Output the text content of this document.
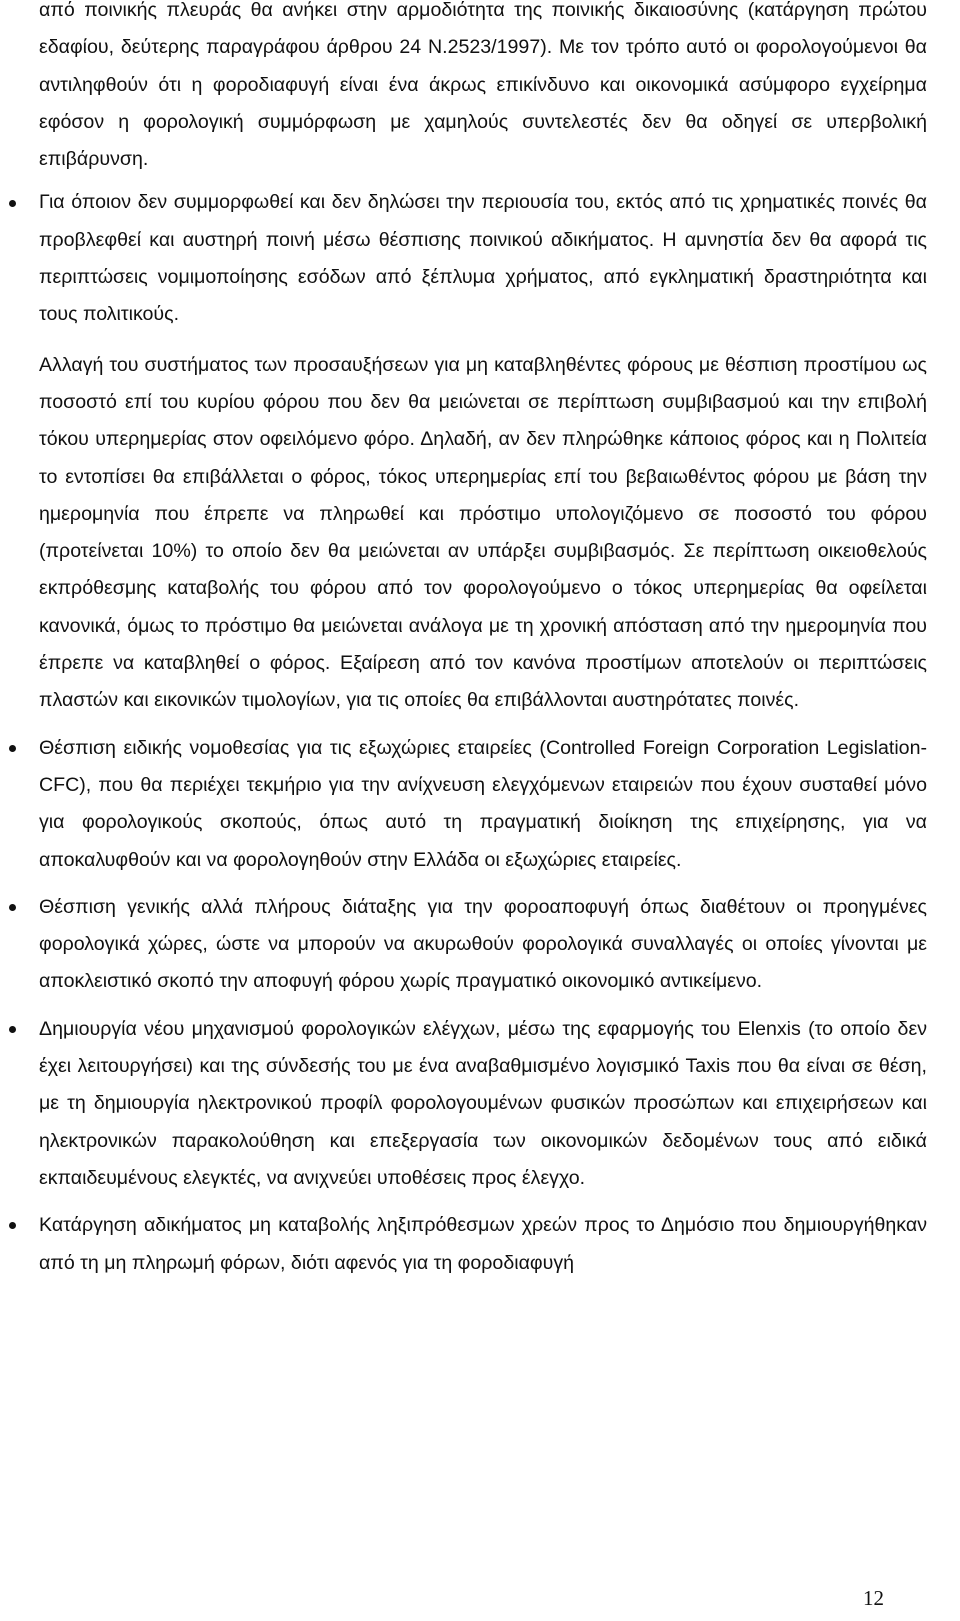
από ποινικής πλευράς θα ανήκει στην αρμοδιότητα της ποινικής δικαιοσύνης (κατάργηση πρώτου εδαφίου, δεύτερης παραγράφου άρθρου 24 Ν.2523/1997). Με τον τρόπο αυτό οι φορολογούμενοι θα αντιληφθούν ότι η φοροδιαφυγή είναι ένα άκρως επικίνδυνο και οικονομικά ασύμφορο εγχείρημα εφόσον η φορολογική συμμόρφωση με χαμηλούς συντελεστές δεν θα οδηγεί σε υπερβολική επιβάρυνση.

Για όποιον δεν συμμορφωθεί και δεν δηλώσει την περιουσία του, εκτός από τις χρηματικές ποινές θα προβλεφθεί και αυστηρή ποινή μέσω θέσπισης ποινικού αδικήματος. Η αμνηστία δεν θα αφορά τις περιπτώσεις νομιμοποίησης εσόδων από ξέπλυμα χρήματος, από εγκληματική δραστηριότητα και τους πολιτικούς.

Αλλαγή του συστήματος των προσαυξήσεων για μη καταβληθέντες φόρους με θέσπιση προστίμου ως ποσοστό επί του κυρίου φόρου που δεν θα μειώνεται σε περίπτωση συμβιβασμού και την επιβολή τόκου υπερημερίας στον οφειλόμενο φόρο. Δηλαδή, αν δεν πληρώθηκε κάποιος φόρος και η Πολιτεία το εντοπίσει θα επιβάλλεται ο φόρος, τόκος υπερημερίας επί του βεβαιωθέντος φόρου με βάση την ημερομηνία που έπρεπε να πληρωθεί και πρόστιμο υπολογιζόμενο σε ποσοστό του φόρου (προτείνεται 10%) το οποίο δεν θα μειώνεται αν υπάρξει συμβιβασμός. Σε περίπτωση οικειοθελούς εκπρόθεσμης καταβολής του φόρου από τον φορολογούμενο ο τόκος υπερημερίας θα οφείλεται κανονικά, όμως το πρόστιμο θα μειώνεται ανάλογα με τη χρονική απόσταση από την ημερομηνία που έπρεπε να καταβληθεί ο φόρος. Εξαίρεση από τον κανόνα προστίμων αποτελούν οι περιπτώσεις πλαστών και εικονικών τιμολογίων, για τις οποίες θα επιβάλλονται αυστηρότατες ποινές.

Θέσπιση ειδικής νομοθεσίας για τις εξωχώριες εταιρείες (Controlled Foreign Corporation Legislation-CFC), που θα περιέχει τεκμήριο για την ανίχνευση ελεγχόμενων εταιρειών που έχουν συσταθεί μόνο για φορολογικούς σκοπούς, όπως αυτό τη πραγματική διοίκηση της επιχείρησης, για να αποκαλυφθούν και να φορολογηθούν στην Ελλάδα οι εξωχώριες εταιρείες.

Θέσπιση γενικής αλλά πλήρους διάταξης για την φοροαποφυγή όπως διαθέτουν οι προηγμένες φορολογικά χώρες, ώστε να μπορούν να ακυρωθούν φορολογικά συναλλαγές οι οποίες γίνονται με αποκλειστικό σκοπό την αποφυγή φόρου χωρίς πραγματικό οικονομικό αντικείμενο.

Δημιουργία νέου μηχανισμού φορολογικών ελέγχων, μέσω της εφαρμογής του Elenxis (το οποίο δεν έχει λειτουργήσει) και της σύνδεσής του με ένα αναβαθμισμένο λογισμικό Taxis που θα είναι σε θέση, με τη δημιουργία ηλεκτρονικού προφίλ φορολογουμένων φυσικών προσώπων και επιχειρήσεων και ηλεκτρονικών παρακολούθηση και επεξεργασία των οικονομικών δεδομένων τους από ειδικά εκπαιδευμένους ελεγκτές, να ανιχνεύει υποθέσεις προς έλεγχο.

Κατάργηση αδικήματος μη καταβολής ληξιπρόθεσμων χρεών προς το Δημόσιο που δημιουργήθηκαν από τη μη πληρωμή φόρων, διότι αφενός για τη φοροδιαφυγή

12
